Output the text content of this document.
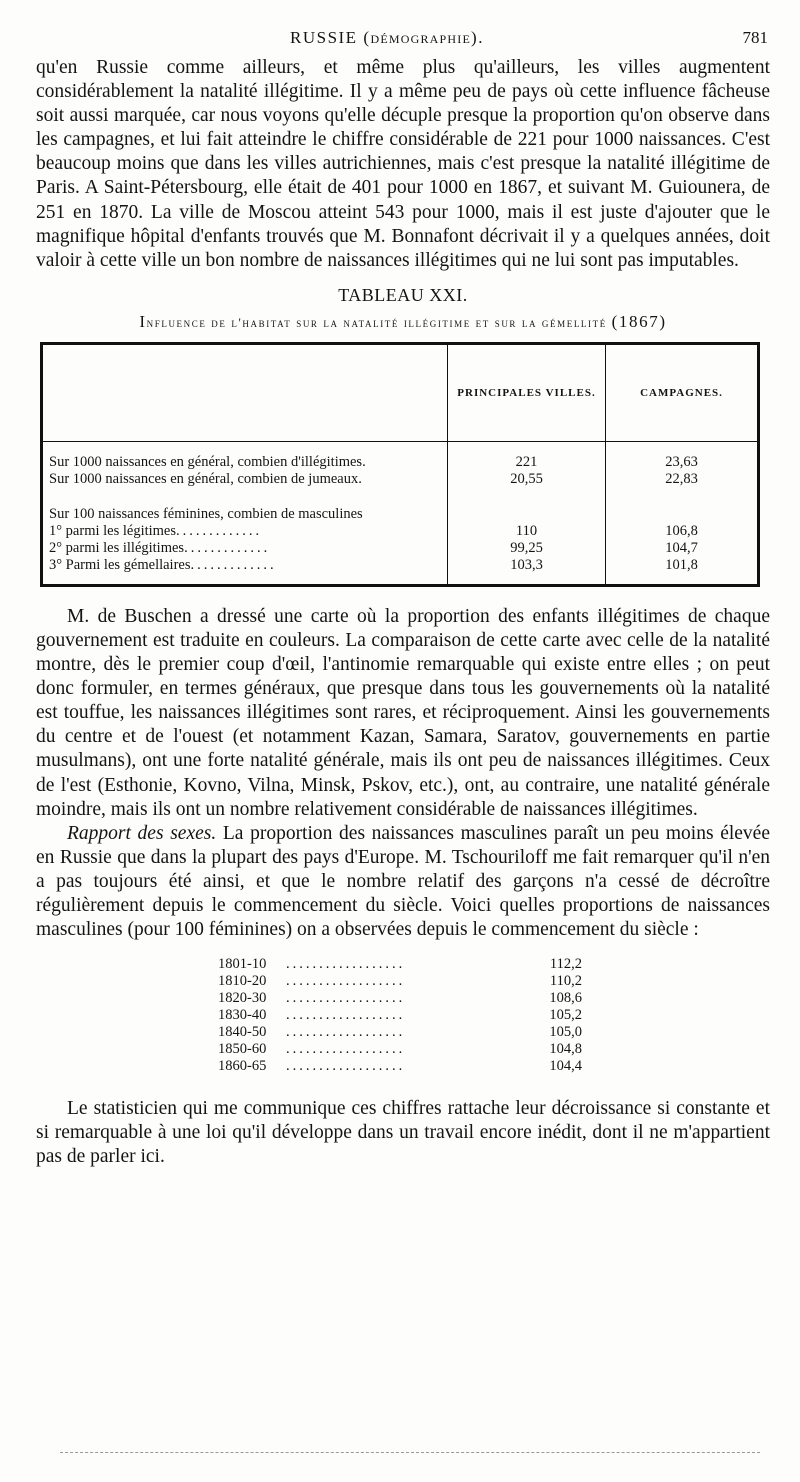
RUSSIE (DÉMOGRAPHIE).	781

qu'en Russie comme ailleurs, et même plus qu'ailleurs, les villes augmentent considérablement la natalité illégitime. Il y a même peu de pays où cette influence fâcheuse soit aussi marquée, car nous voyons qu'elle décuple presque la proportion qu'on observe dans les campagnes, et lui fait atteindre le chiffre considérable de 221 pour 1000 naissances. C'est beaucoup moins que dans les villes autrichiennes, mais c'est presque la natalité illégitime de Paris. A Saint-Pétersbourg, elle était de 401 pour 1000 en 1867, et suivant M. Guiounera, de 251 en 1870. La ville de Moscou atteint 543 pour 1000, mais il est juste d'ajouter que le magnifique hôpital d'enfants trouvés que M. Bonnafont décrivait il y a quelques années, doit valoir à cette ville un bon nombre de naissances illégitimes qui ne lui sont pas imputables.

TABLEAU XXI.
Influence de l'habitat sur la natalité illégitime et sur la gémellité (1867)
	PRINCIPALES VILLES.	CAMPAGNES.
Sur 1000 naissances en général, combien d'illégitimes.	221	23,63
Sur 1000 naissances en général, combien de jumeaux.	20,55	22,83
Sur 100 naissances féminines, combien de masculines		
1° parmi les légitimes.............	110	106,8
2° parmi les illégitimes.............	99,25	104,7
3° Parmi les gémellaires.............	103,3	101,8

M. de Buschen a dressé une carte où la proportion des enfants illégitimes de chaque gouvernement est traduite en couleurs. La comparaison de cette carte avec celle de la natalité montre, dès le premier coup d'œil, l'antinomie remarquable qui existe entre elles ; on peut donc formuler, en termes généraux, que presque dans tous les gouvernements où la natalité est touffue, les naissances illégitimes sont rares, et réciproquement. Ainsi les gouvernements du centre et de l'ouest (et notamment Kazan, Samara, Saratov, gouvernements en partie musulmans), ont une forte natalité générale, mais ils ont peu de naissances illégitimes. Ceux de l'est (Esthonie, Kovno, Vilna, Minsk, Pskov, etc.), ont, au contraire, une natalité générale moindre, mais ils ont un nombre relativement considérable de naissances illégitimes.

Rapport des sexes. La proportion des naissances masculines paraît un peu moins élevée en Russie que dans la plupart des pays d'Europe. M. Tschouriloff me fait remarquer qu'il n'en a pas toujours été ainsi, et que le nombre relatif des garçons n'a cessé de décroître régulièrement depuis le commencement du siècle. Voici quelles proportions de naissances masculines (pour 100 féminines) on a observées depuis le commencement du siècle :

1801-10	..................	112,2
1810-20	..................	110,2
1820-30	..................	108,6
1830-40	..................	105,2
1840-50	..................	105,0
1850-60	..................	104,8
1860-65	..................	104,4

Le statisticien qui me communique ces chiffres rattache leur décroissance si constante et si remarquable à une loi qu'il développe dans un travail encore inédit, dont il ne m'appartient pas de parler ici.
